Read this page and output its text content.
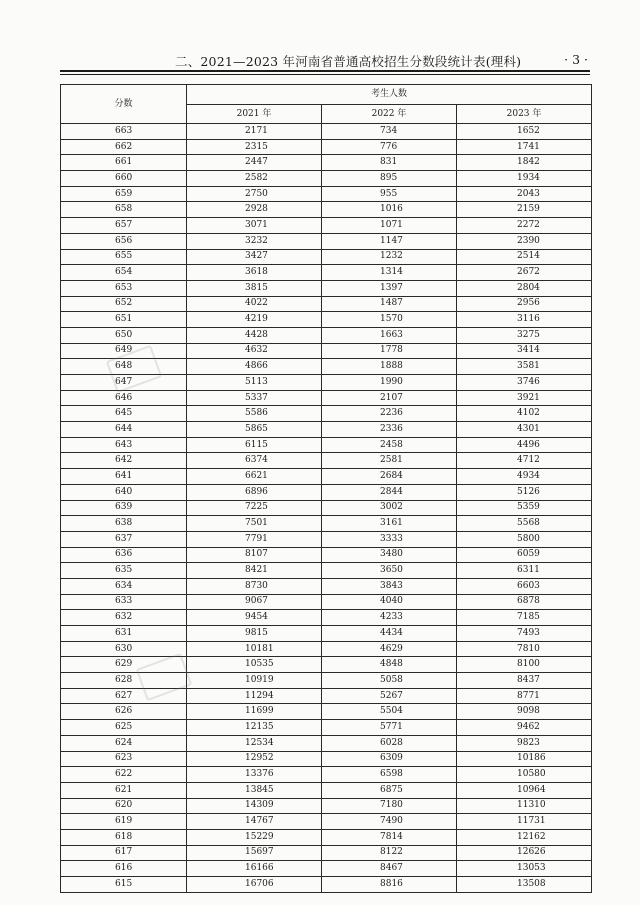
二、2021—2023 年河南省普通高校招生分数段统计表(理科)	· 3 ·
分数	考生人数		
	2021 年	2022 年	2023 年
663	2171	734	1652
662	2315	776	1741
661	2447	831	1842
660	2582	895	1934
659	2750	955	2043
658	2928	1016	2159
657	3071	1071	2272
656	3232	1147	2390
655	3427	1232	2514
654	3618	1314	2672
653	3815	1397	2804
652	4022	1487	2956
651	4219	1570	3116
650	4428	1663	3275
649	4632	1778	3414
648	4866	1888	3581
647	5113	1990	3746
646	5337	2107	3921
645	5586	2236	4102
644	5865	2336	4301
643	6115	2458	4496
642	6374	2581	4712
641	6621	2684	4934
640	6896	2844	5126
639	7225	3002	5359
638	7501	3161	5568
637	7791	3333	5800
636	8107	3480	6059
635	8421	3650	6311
634	8730	3843	6603
633	9067	4040	6878
632	9454	4233	7185
631	9815	4434	7493
630	10181	4629	7810
629	10535	4848	8100
628	10919	5058	8437
627	11294	5267	8771
626	11699	5504	9098
625	12135	5771	9462
624	12534	6028	9823
623	12952	6309	10186
622	13376	6598	10580
621	13845	6875	10964
620	14309	7180	11310
619	14767	7490	11731
618	15229	7814	12162
617	15697	8122	12626
616	16166	8467	13053
615	16706	8816	13508
